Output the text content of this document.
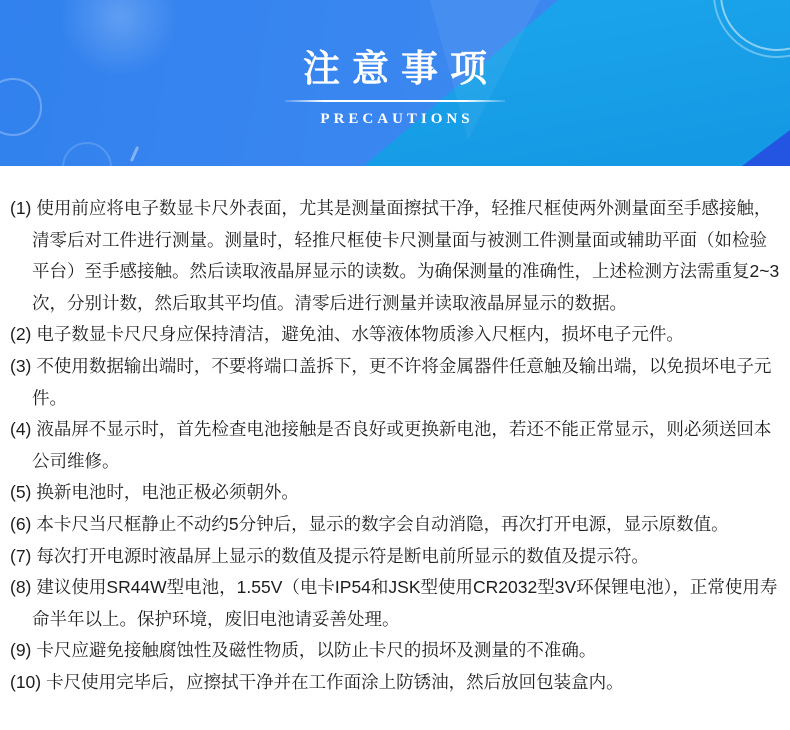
注意事项
PRECAUTIONS

(1) 使用前应将电子数显卡尺外表面，尤其是测量面擦拭干净，轻推尺框使两外测量面至手感接触，清零后对工件进行测量。测量时，轻推尺框使卡尺测量面与被测工件测量面或辅助平面（如检验平台）至手感接触。然后读取液晶屏显示的读数。为确保测量的准确性，上述检测方法需重复2~3次，分别计数，然后取其平均值。清零后进行测量并读取液晶屏显示的数据。

(2) 电子数显卡尺尺身应保持清洁，避免油、水等液体物质渗入尺框内，损坏电子元件。

(3) 不使用数据输出端时，不要将端口盖拆下，更不许将金属器件任意触及输出端，以免损坏电子元件。

(4) 液晶屏不显示时，首先检查电池接触是否良好或更换新电池，若还不能正常显示，则必须送回本公司维修。

(5) 换新电池时，电池正极必须朝外。

(6) 本卡尺当尺框静止不动约5分钟后，显示的数字会自动消隐，再次打开电源，显示原数值。

(7) 每次打开电源时液晶屏上显示的数值及提示符是断电前所显示的数值及提示符。

(8) 建议使用SR44W型电池，1.55V（电卡IP54和JSK型使用CR2032型3V环保锂电池），正常使用寿命半年以上。保护环境，废旧电池请妥善处理。

(9) 卡尺应避免接触腐蚀性及磁性物质，以防止卡尺的损坏及测量的不准确。

(10) 卡尺使用完毕后，应擦拭干净并在工作面涂上防锈油，然后放回包装盒内。
